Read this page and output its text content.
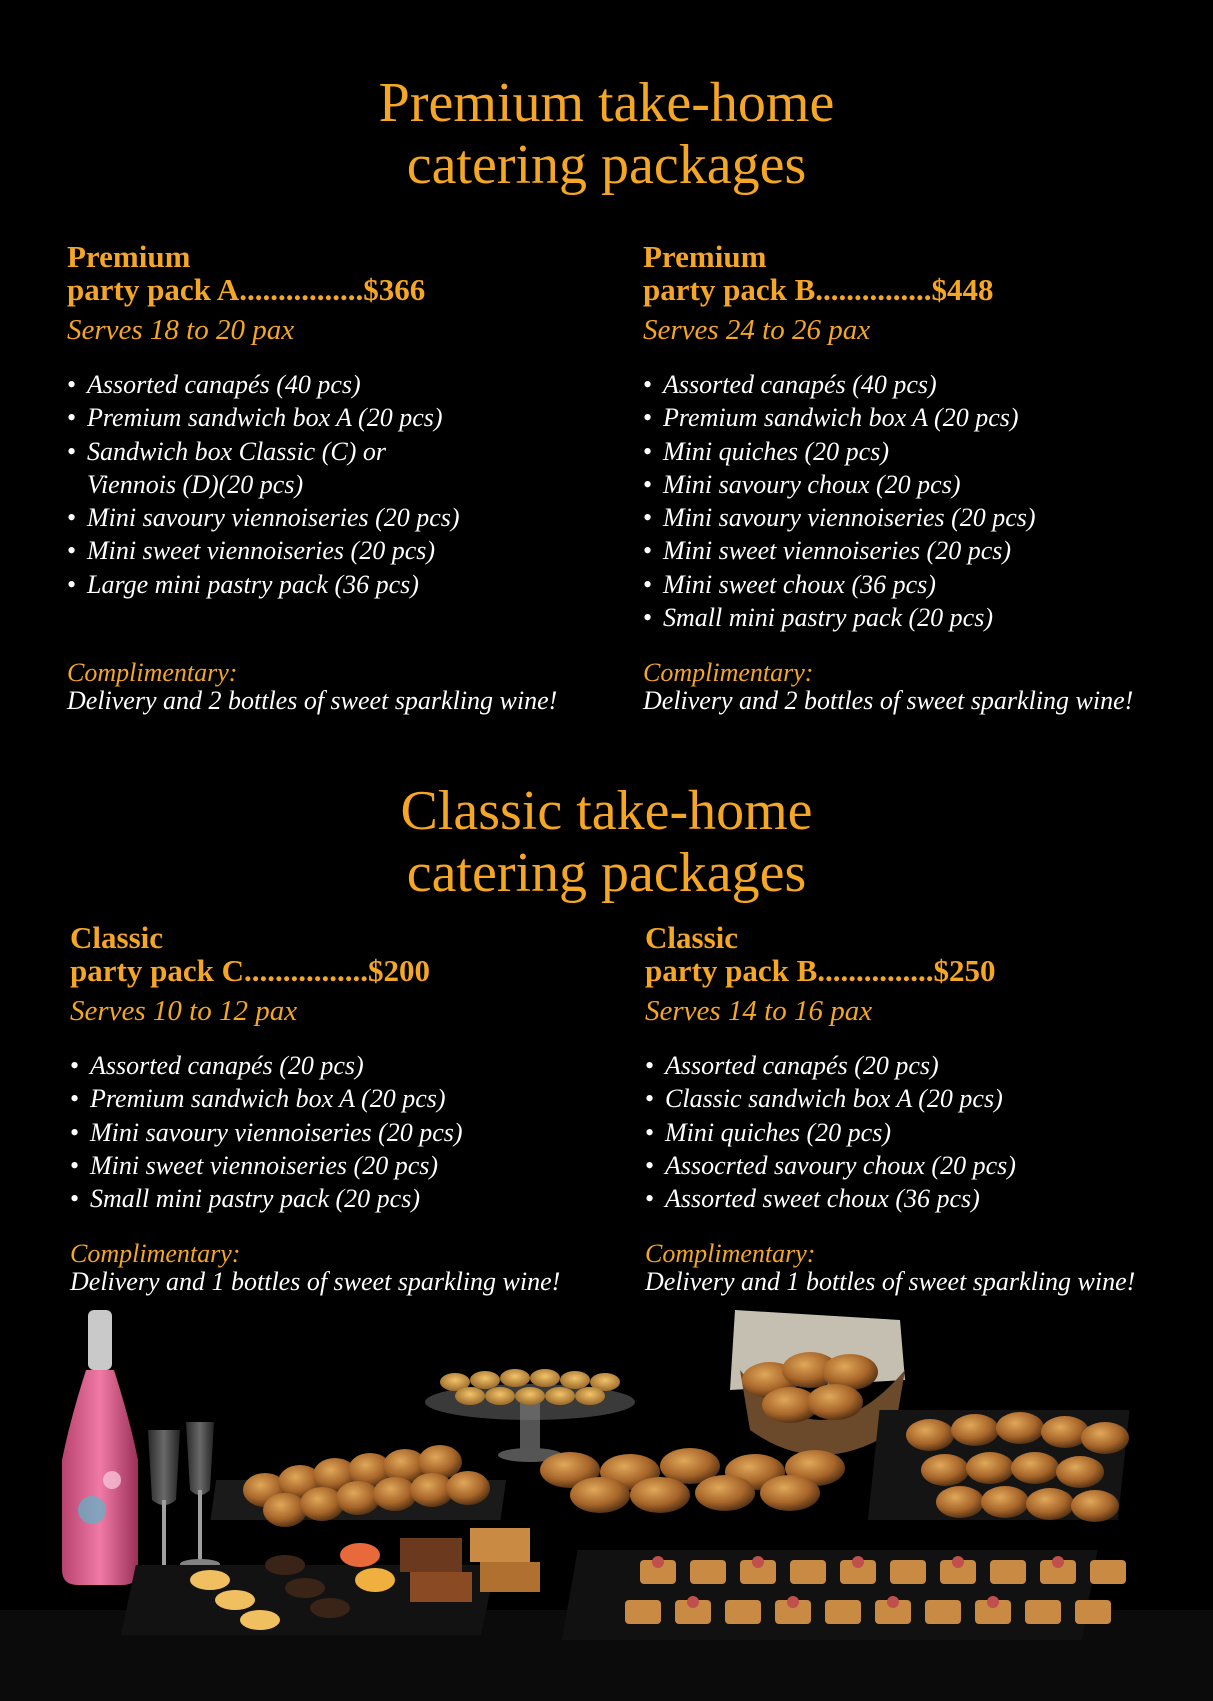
Premium take-home
catering packages
Premium
party pack A................$366
Serves 18 to 20 pax
• Assorted canapés (40 pcs)
• Premium sandwich box A (20 pcs)
• Sandwich box Classic (C) or
Viennois (D)(20 pcs)
• Mini savoury viennoiseries (20 pcs)
• Mini sweet viennoiseries (20 pcs)
• Large mini pastry pack (36 pcs)
Complimentary:
Delivery and 2 bottles of sweet sparkling wine!
Premium
party pack B...............$448
Serves 24 to 26 pax
• Assorted canapés (40 pcs)
• Premium sandwich box A (20 pcs)
• Mini quiches (20 pcs)
• Mini savoury choux (20 pcs)
• Mini savoury viennoiseries (20 pcs)
• Mini sweet viennoiseries (20 pcs)
• Mini sweet choux (36 pcs)
• Small mini pastry pack (20 pcs)
Complimentary:
Delivery and 2 bottles of sweet sparkling wine!
Classic take-home
catering packages
Classic
party pack C................$200
Serves 10 to 12 pax
• Assorted canapés (20 pcs)
• Premium sandwich box A (20 pcs)
• Mini savoury viennoiseries (20 pcs)
• Mini sweet viennoiseries (20 pcs)
• Small mini pastry pack (20 pcs)
Complimentary:
Delivery and 1 bottles of sweet sparkling wine!
Classic
party pack B...............$250
Serves 14 to 16 pax
• Assorted canapés (20 pcs)
• Classic sandwich box A (20 pcs)
• Mini quiches (20 pcs)
• Assocrted savoury choux (20 pcs)
• Assorted sweet choux (36 pcs)
Complimentary:
Delivery and 1 bottles of sweet sparkling wine!
